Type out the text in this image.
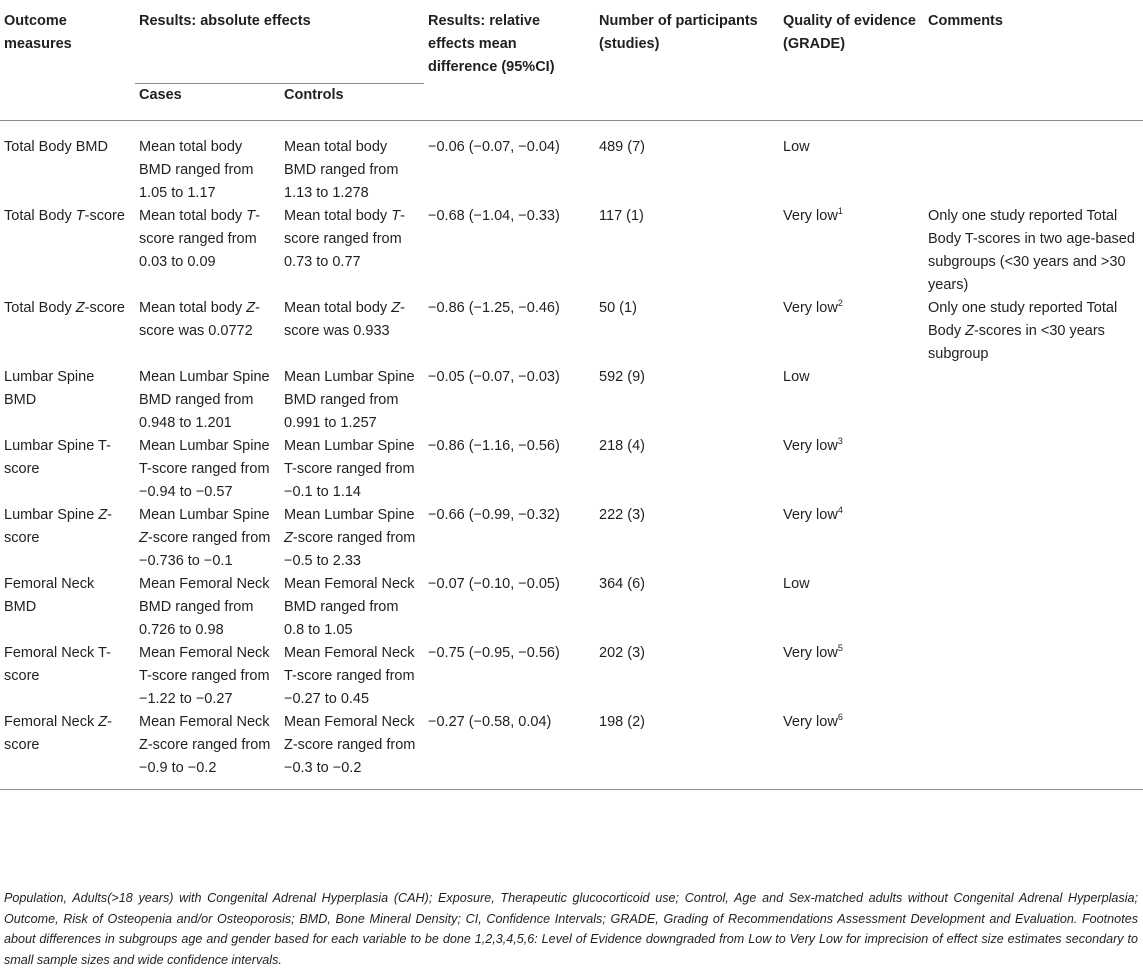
Outcome measures	Results: absolute effects		Results: relative effects mean difference (95%CI)	Number of participants (studies)	Quality of evidence (GRADE)	Comments
	Cases	Controls				
Total Body BMD	Mean total body BMD ranged from 1.05 to 1.17	Mean total body BMD ranged from 1.13 to 1.278	−0.06 (−0.07, −0.04)	489 (7)	Low	
Total Body T-score	Mean total body T-score ranged from 0.03 to 0.09	Mean total body T-score ranged from 0.73 to 0.77	−0.68 (−1.04, −0.33)	117 (1)	Very low$^1$	Only one study reported Total Body T-scores in two age-based subgroups (<30 years and >30 years)
Total Body Z-score	Mean total body Z-score was 0.0772	Mean total body Z-score was 0.933	−0.86 (−1.25, −0.46)	50 (1)	Very low$^2$	Only one study reported Total Body Z-scores in <30 years subgroup
Lumbar Spine BMD	Mean Lumbar Spine BMD ranged from 0.948 to 1.201	Mean Lumbar Spine BMD ranged from 0.991 to 1.257	−0.05 (−0.07, −0.03)	592 (9)	Low	
Lumbar Spine T-score	Mean Lumbar Spine T-score ranged from −0.94 to −0.57	Mean Lumbar Spine T-score ranged from −0.1 to 1.14	−0.86 (−1.16, −0.56)	218 (4)	Very low$^3$	
Lumbar Spine Z-score	Mean Lumbar Spine Z-score ranged from −0.736 to −0.1	Mean Lumbar Spine Z-score ranged from −0.5 to 2.33	−0.66 (−0.99, −0.32)	222 (3)	Very low$^4$	
Femoral Neck BMD	Mean Femoral Neck BMD ranged from 0.726 to 0.98	Mean Femoral Neck BMD ranged from 0.8 to 1.05	−0.07 (−0.10, −0.05)	364 (6)	Low	
Femoral Neck T-score	Mean Femoral Neck T-score ranged from −1.22 to −0.27	Mean Femoral Neck T-score ranged from −0.27 to 0.45	−0.75 (−0.95, −0.56)	202 (3)	Very low$^5$	
Femoral Neck Z-score	Mean Femoral Neck Z-score ranged from −0.9 to −0.2	Mean Femoral Neck Z-score ranged from −0.3 to −0.2	−0.27 (−0.58, 0.04)	198 (2)	Very low$^6$	

Population, Adults(>18 years) with Congenital Adrenal Hyperplasia (CAH); Exposure, Therapeutic glucocorticoid use; Control, Age and Sex-matched adults without Congenital Adrenal Hyperplasia; Outcome, Risk of Osteopenia and/or Osteoporosis; BMD, Bone Mineral Density; CI, Confidence Intervals; GRADE, Grading of Recommendations Assessment Development and Evaluation. Footnotes about differences in subgroups age and gender based for each variable to be done 1,2,3,4,5,6: Level of Evidence downgraded from Low to Very Low for imprecision of effect size estimates secondary to small sample sizes and wide confidence intervals.
